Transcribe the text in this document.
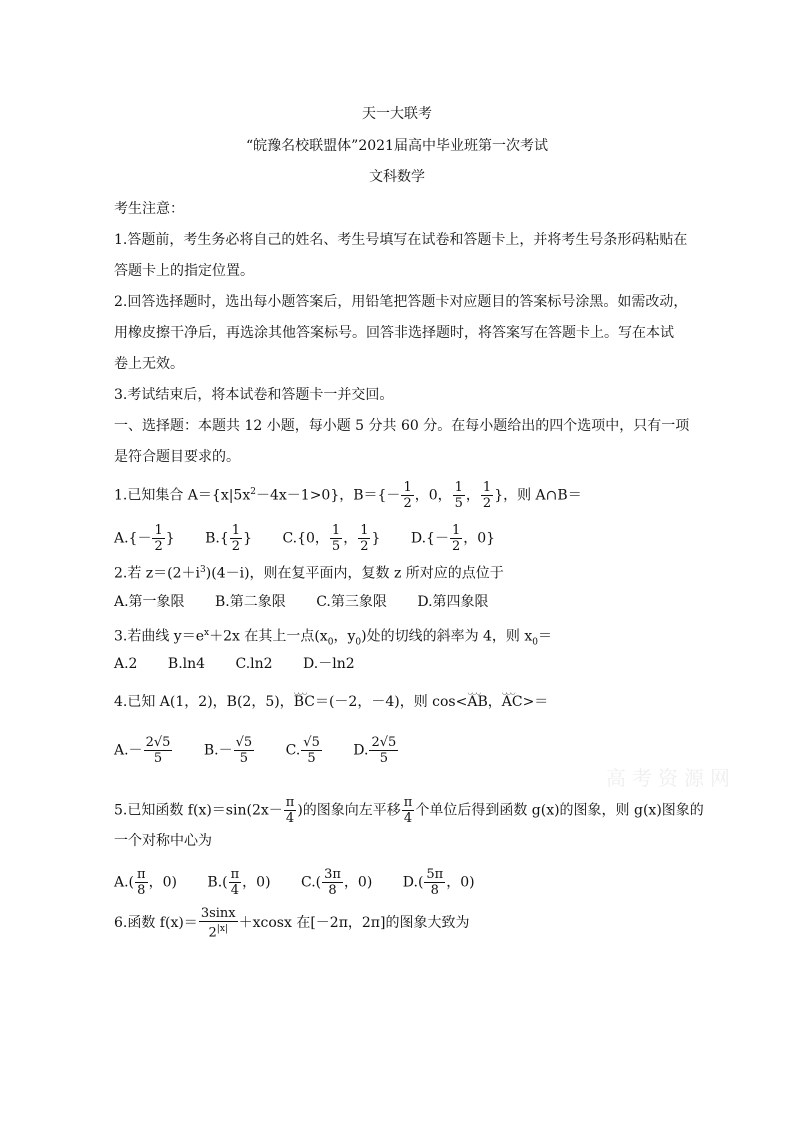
天一大联考
“皖豫名校联盟体”2021届高中毕业班第一次考试
文科数学
考生注意：
1.答题前，考生务必将自己的姓名、考生号填写在试卷和答题卡上，并将考生号条形码粘贴在
答题卡上的指定位置。
2.回答选择题时，选出每小题答案后，用铅笔把答题卡对应题目的答案标号涂黑。如需改动，
用橡皮擦干净后，再选涂其他答案标号。回答非选择题时，将答案写在答题卡上。写在本试
卷上无效。
3.考试结束后，将本试卷和答题卡一并交回。
一、选择题：本题共 12 小题，每小题 5 分共 60 分。在每小题给出的四个选项中，只有一项
是符合题目要求的。
1.已知集合 $A=\{x|5x^2-4x-1>0\}$，$B=\{- \frac{1}{2}$ ，0， $\frac{1}{5}$ ， $\frac{1}{2}$ }，则 A∩B＝
$A.\{- \frac{1}{2}$ } $B.\{ \frac{1}{2}$ } C.{0， $\frac{1}{5}$ ， $\frac{1}{2}$ } $D.\{- \frac{1}{2}$ ，0}
2.若 $z=(2+i^3)(4-i)$，则在复平面内，复数 z 所对应的点位于
A.第一象限 B.第二象限 C.第三象限 D.第四象限
3.若曲线 $y=e^x+2x$ 在其上一点($x_0$，$y_0$)处的切线的斜率为 4，则 $x_0=$
A.2 B.ln4 C.ln2 D.－ln2
4.已知 A(1，2)，B(2，5)，◡◡◡ BC＝(－2，－4)，则 cos<◡◡◡ AB，◡◡◡ AC>＝
$A.- \frac{2√5}{5} B.- \frac{√5}{5} C$. $\frac{√5}{5} D$. $\frac{2√5}{5}$
高考资源网
5.已知函数 $f(x)=\sin(2x- \frac{\pi}{4}$ )的图象向左平移 $\frac{\pi}{4}$ 个单位后得到函数 g(x)的图象，则 g(x)图象的
一个对称中心为
$A.( \frac{\pi}{8}$ ，0) $B.( \frac{\pi}{4}$ ，0) $C.( \frac{3\pi}{8}$ ，0) $D.( \frac{5\pi}{8}$ ，0)
6.函数 $f(x)= \frac{3\sin x}{2^{|x|}} +xcosx$ 在[－2π，2π]的图象大致为
